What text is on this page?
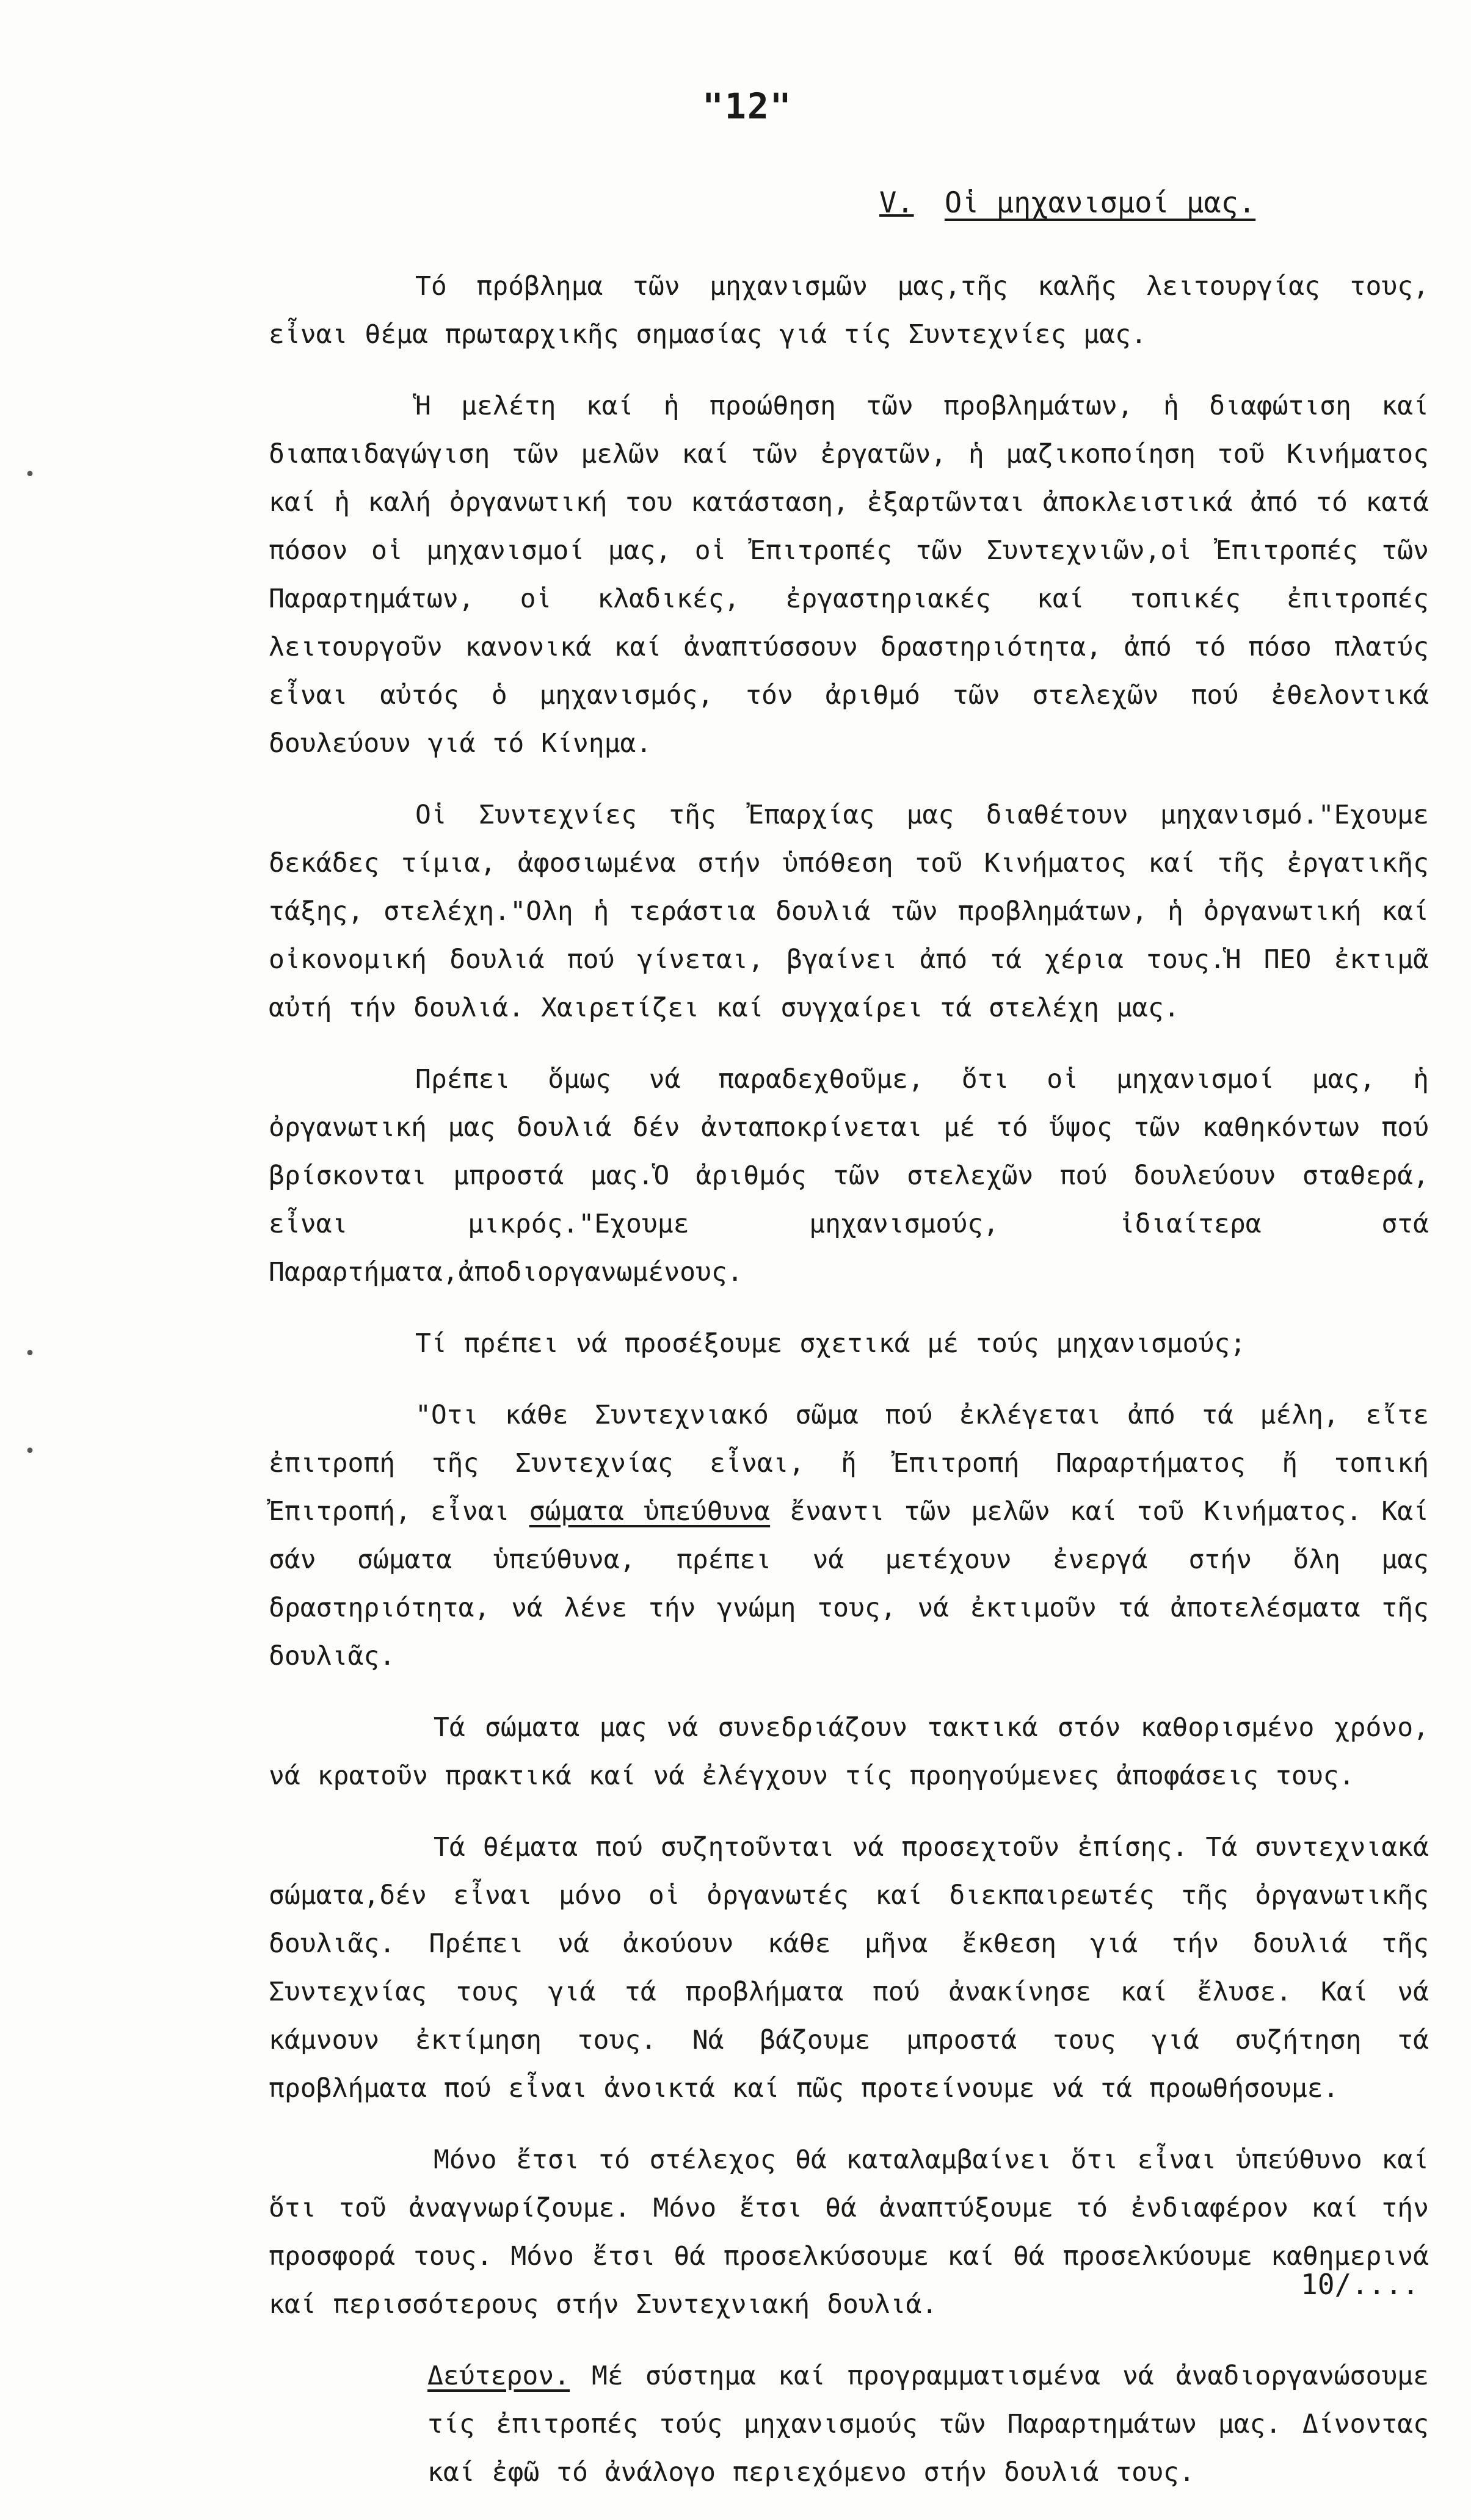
"12"
V. Οἱ μηχανισμοί μας.

Τό πρόβλημα τῶν μηχανισμῶν μας,τῆς καλῆς λειτουργίας τους, εἶναι θέμα πρωταρχικῆς σημασίας γιά τίς Συντεχνίες μας.

Ἡ μελέτη καί ἡ προώθηση τῶν προβλημάτων, ἡ διαφώτιση καί διαπαιδαγώγιση τῶν μελῶν καί τῶν ἐργατῶν, ἡ μαζικοποίηση τοῦ Κινήματος καί ἡ καλή ὀργανωτική του κατάσταση, ἐξαρτῶνται ἀποκλειστικά ἀπό τό κατά πόσον οἱ μηχανισμοί μας, οἱ Ἐπιτροπές τῶν Συντεχνιῶν,οἱ Ἐπιτροπές τῶν Παραρτημάτων, οἱ κλαδικές, ἐργαστηριακές καί τοπικές ἐπιτροπές λειτουργοῦν κανονικά καί ἀναπτύσσουν δραστηριότητα, ἀπό τό πόσο πλατύς εἶναι αὐτός ὁ μηχανισμός, τόν ἀριθμό τῶν στελεχῶν πού ἐθελοντικά δουλεύουν γιά τό Κίνημα.

Οἱ Συντεχνίες τῆς Ἐπαρχίας μας διαθέτουν μηχανισμό."Εχουμε δεκάδες τίμια, ἀφοσιωμένα στήν ὑπόθεση τοῦ Κινήματος καί τῆς ἐργατικῆς τάξης, στελέχη."Ολη ἡ τεράστια δουλιά τῶν προβλημάτων, ἡ ὀργανωτική καί οἰκονομική δουλιά πού γίνεται, βγαίνει ἀπό τά χέρια τους.Ἡ ΠΕΟ ἐκτιμᾶ αὐτή τήν δουλιά. Χαιρετίζει καί συγχαίρει τά στελέχη μας.

Πρέπει ὅμως νά παραδεχθοῦμε, ὅτι οἱ μηχανισμοί μας, ἡ ὀργανωτική μας δουλιά δέν ἀνταποκρίνεται μέ τό ὕψος τῶν καθηκόντων πού βρίσκονται μπροστά μας.Ὁ ἀριθμός τῶν στελεχῶν πού δουλεύουν σταθερά, εἶναι μικρός."Εχουμε μηχανισμούς, ἰδιαίτερα στά Παραρτήματα,ἀποδιοργανωμένους.

Τί πρέπει νά προσέξουμε σχετικά μέ τούς μηχανισμούς;

"Οτι κάθε Συντεχνιακό σῶμα πού ἐκλέγεται ἀπό τά μέλη, εἴτε ἐπιτροπή τῆς Συντεχνίας εἶναι, ἤ Ἐπιτροπή Παραρτήματος ἤ τοπική Ἐπιτροπή, εἶναι σώματα ὑπεύθυνα ἔναντι τῶν μελῶν καί τοῦ Κινήματος. Καί σάν σώματα ὑπεύθυνα, πρέπει νά μετέχουν ἐνεργά στήν ὅλη μας δραστηριότητα, νά λένε τήν γνώμη τους, νά ἐκτιμοῦν τά ἀποτελέσματα τῆς δουλιᾶς.

Τά σώματα μας νά συνεδριάζουν τακτικά στόν καθορισμένο χρόνο, νά κρατοῦν πρακτικά καί νά ἐλέγχουν τίς προηγούμενες ἀποφάσεις τους.

Τά θέματα πού συζητοῦνται νά προσεχτοῦν ἐπίσης. Τά συντεχνιακά σώματα,δέν εἶναι μόνο οἱ ὀργανωτές καί διεκπαιρεωτές τῆς ὀργανωτικῆς δουλιᾶς. Πρέπει νά ἀκούουν κάθε μῆνα ἔκθεση γιά τήν δουλιά τῆς Συντεχνίας τους γιά τά προβλήματα πού ἀνακίνησε καί ἔλυσε. Καί νά κάμνουν ἐκτίμηση τους. Νά βάζουμε μπροστά τους γιά συζήτηση τά προβλήματα πού εἶναι ἀνοικτά καί πῶς προτείνουμε νά τά προωθήσουμε.

Μόνο ἔτσι τό στέλεχος θά καταλαμβαίνει ὅτι εἶναι ὑπεύθυνο καί ὅτι τοῦ ἀναγνωρίζουμε. Μόνο ἔτσι θά ἀναπτύξουμε τό ἐνδιαφέρον καί τήν προσφορά τους. Μόνο ἔτσι θά προσελκύσουμε καί θά προσελκύουμε καθημερινά καί περισσότερους στήν Συντεχνιακή δουλιά.

Δεύτερον. Μέ σύστημα καί προγραμματισμένα νά ἀναδιοργανώσουμε τίς ἐπιτροπές τούς μηχανισμούς τῶν Παραρτημάτων μας. Δίνοντας καί ἐφῶ τό ἀνάλογο περιεχόμενο στήν δουλιά τους.

10/....
•
•
•
